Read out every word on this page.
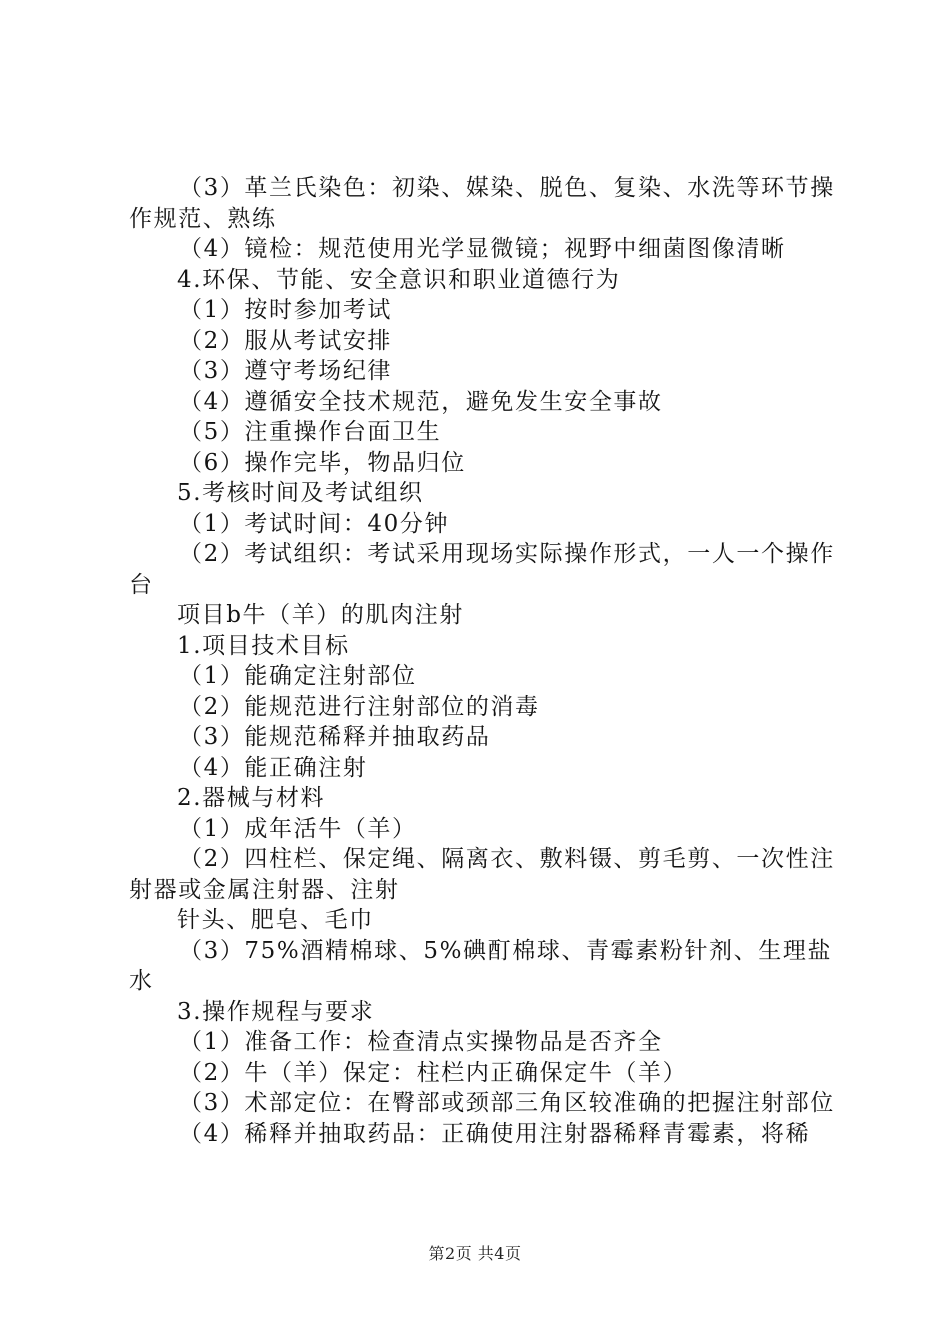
（3）革兰氏染色：初染、媒染、脱色、复染、水洗等环节操作规范、熟练

（4）镜检：规范使用光学显微镜；视野中细菌图像清晰

4.环保、节能、安全意识和职业道德行为

（1）按时参加考试

（2）服从考试安排

（3）遵守考场纪律

（4）遵循安全技术规范，避免发生安全事故

（5）注重操作台面卫生

（6）操作完毕，物品归位

5.考核时间及考试组织

（1）考试时间：40分钟

（2）考试组织：考试采用现场实际操作形式，一人一个操作台

项目b牛（羊）的肌肉注射

1.项目技术目标

（1）能确定注射部位

（2）能规范进行注射部位的消毒

（3）能规范稀释并抽取药品

（4）能正确注射

2.器械与材料

（1）成年活牛（羊）

（2）四柱栏、保定绳、隔离衣、敷料镊、剪毛剪、一次性注射器或金属注射器、注射

针头、肥皂、毛巾

（3）75%酒精棉球、5%碘酊棉球、青霉素粉针剂、生理盐水

3.操作规程与要求

（1）准备工作：检查清点实操物品是否齐全

（2）牛（羊）保定：柱栏内正确保定牛（羊）

（3）术部定位：在臀部或颈部三角区较准确的把握注射部位

（4）稀释并抽取药品：正确使用注射器稀释青霉素，将稀

第2页 共4页
